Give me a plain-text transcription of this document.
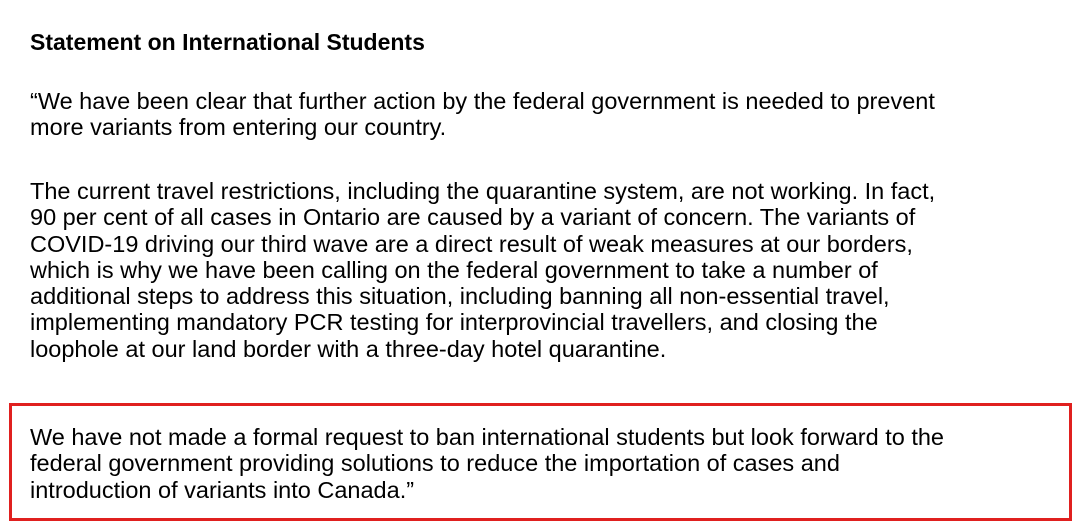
Statement on International Students

“We have been clear that further action by the federal government is needed to prevent
more variants from entering our country.

The current travel restrictions, including the quarantine system, are not working. In fact,
90 per cent of all cases in Ontario are caused by a variant of concern. The variants of
COVID-19 driving our third wave are a direct result of weak measures at our borders,
which is why we have been calling on the federal government to take a number of
additional steps to address this situation, including banning all non-essential travel,
implementing mandatory PCR testing for interprovincial travellers, and closing the
loophole at our land border with a three-day hotel quarantine.

We have not made a formal request to ban international students but look forward to the
federal government providing solutions to reduce the importation of cases and
introduction of variants into Canada.”
